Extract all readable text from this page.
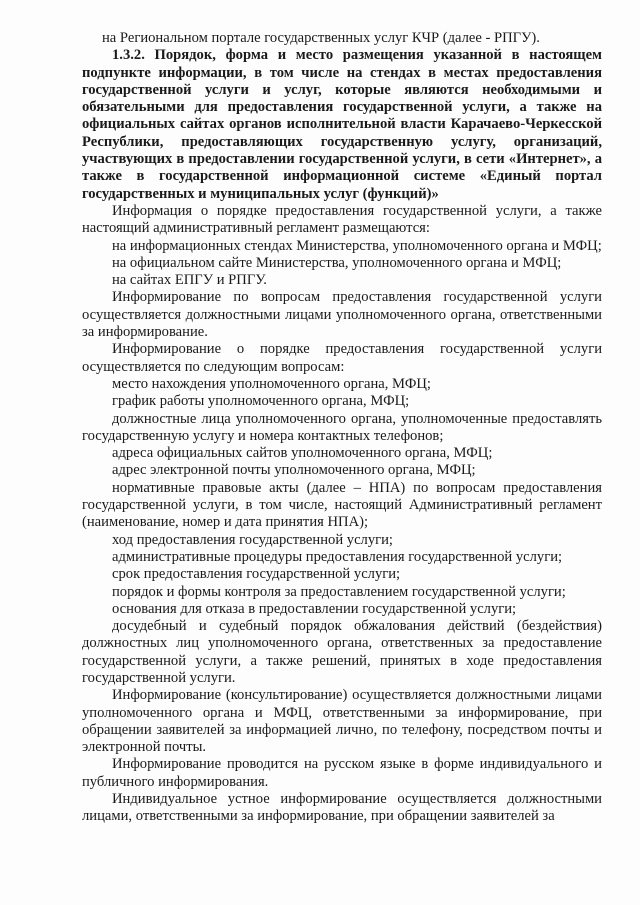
на Региональном портале государственных услуг КЧР (далее - РПГУ).

1.3.2. Порядок, форма и место размещения указанной в настоящем подпункте информации, в том числе на стендах в местах предоставления государственной услуги и услуг, которые являются необходимыми и обязательными для предоставления государственной услуги, а также на официальных сайтах органов исполнительной власти Карачаево-Черкесской Республики, предоставляющих государственную услугу, организаций, участвующих в предоставлении государственной услуги, в сети «Интернет», а также в государственной информационной системе «Единый портал государственных и муниципальных услуг (функций)»

Информация о порядке предоставления государственной услуги, а также настоящий административный регламент размещаются:

на информационных стендах Министерства, уполномоченного органа и МФЦ;

на официальном сайте Министерства, уполномоченного органа и МФЦ;

на сайтах ЕПГУ и РПГУ.

Информирование по вопросам предоставления государственной услуги осуществляется должностными лицами уполномоченного органа, ответственными за информирование.

Информирование о порядке предоставления государственной услуги осуществляется по следующим вопросам:

место нахождения уполномоченного органа, МФЦ;

график работы уполномоченного органа, МФЦ;

должностные лица уполномоченного органа, уполномоченные предоставлять государственную услугу и номера контактных телефонов;

адреса официальных сайтов уполномоченного органа, МФЦ;

адрес электронной почты уполномоченного органа, МФЦ;

нормативные правовые акты (далее – НПА) по вопросам предоставления государственной услуги, в том числе, настоящий Административный регламент (наименование, номер и дата принятия НПА);

ход предоставления государственной услуги;

административные процедуры предоставления государственной услуги;

срок предоставления государственной услуги;

порядок и формы контроля за предоставлением государственной услуги;

основания для отказа в предоставлении государственной услуги;

досудебный и судебный порядок обжалования действий (бездействия) должностных лиц уполномоченного органа, ответственных за предоставление государственной услуги, а также решений, принятых в ходе предоставления государственной услуги.

Информирование (консультирование) осуществляется должностными лицами уполномоченного органа и МФЦ, ответственными за информирование, при обращении заявителей за информацией лично, по телефону, посредством почты и электронной почты.

Информирование проводится на русском языке в форме индивидуального и публичного информирования.

Индивидуальное устное информирование осуществляется должностными лицами, ответственными за информирование, при обращении заявителей за
